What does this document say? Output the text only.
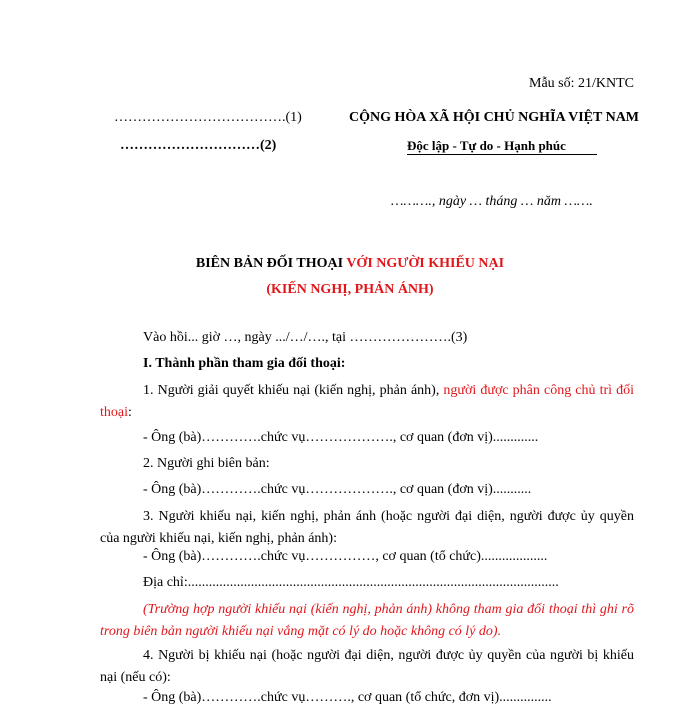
Mẫu số: 21/KNTC
……………………………….(1)
…………………………(2)
CỘNG HÒA XÃ HỘI CHỦ NGHĨA VIỆT NAM
Độc lập - Tự do - Hạnh phúc
………., ngày … tháng … năm …….
BIÊN BẢN ĐỐI THOẠI VỚI NGƯỜI KHIẾU NẠI
(KIẾN NGHỊ, PHẢN ÁNH)
Vào hồi... giờ …, ngày .../…/…., tại ………………….(3)
I. Thành phần tham gia đối thoại:
1. Người giải quyết khiếu nại (kiến nghị, phản ánh), người được phân công chủ trì đối thoại:
- Ông (bà)………….chức vụ………………., cơ quan (đơn vị).............
2. Người ghi biên bản:
- Ông (bà)………….chức vụ………………., cơ quan (đơn vị)...........
3. Người khiếu nại, kiến nghị, phản ánh (hoặc người đại diện, người được ủy quyền của người khiếu nại, kiến nghị, phản ánh):
- Ông (bà)………….chức vụ……………, cơ quan (tổ chức)...................
Địa chỉ:..........................................................................................................
(Trường hợp người khiếu nại (kiến nghị, phản ánh) không tham gia đối thoại thì ghi rõ trong biên bản người khiếu nại vắng mặt có lý do hoặc không có lý do).
4. Người bị khiếu nại (hoặc người đại diện, người được ủy quyền của người bị khiếu nại (nếu có):
- Ông (bà)………….chức vụ………., cơ quan (tổ chức, đơn vị)...............
